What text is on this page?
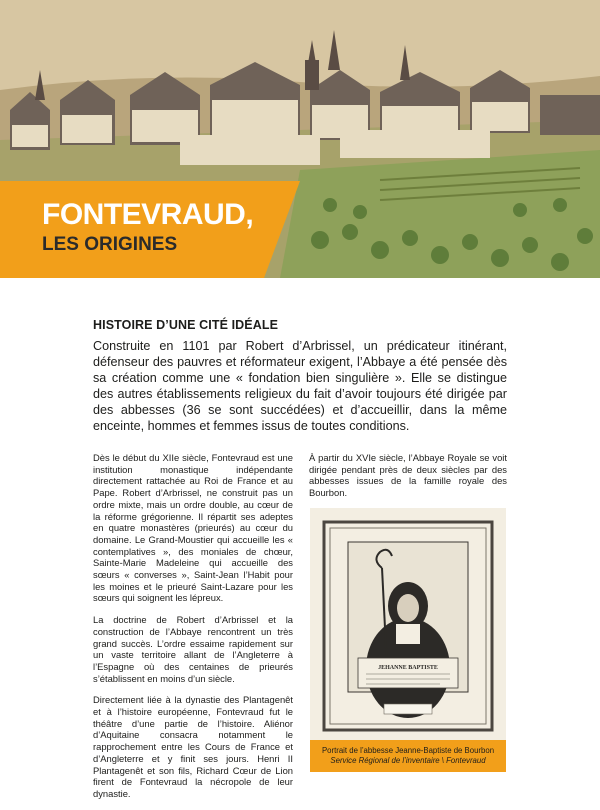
FONTEVRAUD,
LES ORIGINES
HISTOIRE D’UNE CITÉ IDÉALE

Construite en 1101 par Robert d’Arbrissel, un prédicateur itinérant, défenseur des pauvres et réformateur exigent, l’Abbaye a été pensée dès sa création comme une « fondation bien singulière ». Elle se distingue des autres établissements religieux du fait d’avoir toujours été dirigée par des abbesses (36 se sont succédées) et d’accueillir, dans la même enceinte, hommes et femmes issus de toutes conditions.

Dès le début du XIIe siècle, Fontevraud est une institution monastique indépendante directement rattachée au Roi de France et au Pape. Robert d’Arbrissel, ne construit pas un ordre mixte, mais un ordre double, au cœur de la réforme grégorienne. Il répartit ses adeptes en quatre monastères (prieurés) au cœur du domaine. Le Grand-Moustier qui accueille les « contemplatives », des moniales de chœur, Sainte-Marie Madeleine qui accueille des sœurs « converses », Saint-Jean l’Habit pour les moines et le prieuré Saint-Lazare pour les sœurs qui soignent les lépreux.

La doctrine de Robert d’Arbrissel et la construction de l’Abbaye rencontrent un très grand succès. L’ordre essaime rapidement sur un vaste territoire allant de l’Angleterre à l’Espagne où des centaines de prieurés s’établissent en moins d’un siècle.

Directement liée à la dynastie des Plantagenêt et à l’histoire européenne, Fontevraud fut le théâtre d’une partie de l’histoire. Aliénor d’Aquitaine consacra notamment le rapprochement entre les Cours de France et d’Angleterre et y finit ses jours. Henri II Plantagenêt et son fils, Richard Cœur de Lion firent de Fontevraud la nécropole de leur dynastie.

À partir du XVIe siècle, l’Abbaye Royale se voit dirigée pendant près de deux siècles par des abbesses issues de la famille royale des Bourbon.

JEHANNE BAPTISTE
Portrait de l’abbesse Jeanne-Baptiste de Bourbon
Service Régional de l’inventaire \ Fontevraud
